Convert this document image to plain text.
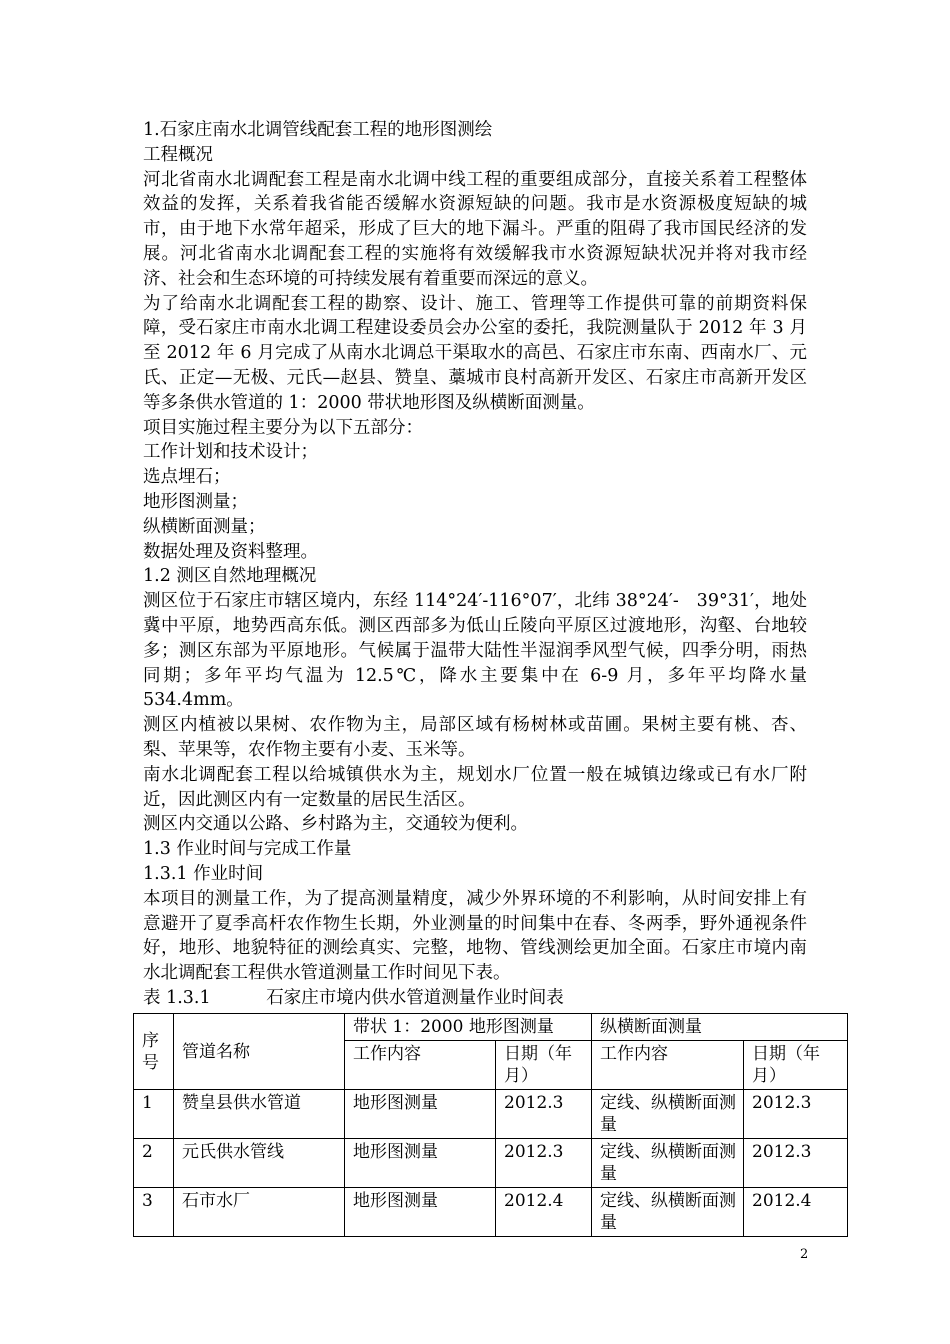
1.石家庄南水北调管线配套工程的地形图测绘

工程概况

河北省南水北调配套工程是南水北调中线工程的重要组成部分，直接关系着工程整体效益的发挥，关系着我省能否缓解水资源短缺的问题。我市是水资源极度短缺的城市，由于地下水常年超采，形成了巨大的地下漏斗。严重的阻碍了我市国民经济的发展。河北省南水北调配套工程的实施将有效缓解我市水资源短缺状况并将对我市经济、社会和生态环境的可持续发展有着重要而深远的意义。

为了给南水北调配套工程的勘察、设计、施工、管理等工作提供可靠的前期资料保障，受石家庄市南水北调工程建设委员会办公室的委托，我院测量队于 2012 年 3 月至 2012 年 6 月完成了从南水北调总干渠取水的高邑、石家庄市东南、西南水厂、元氏、正定—无极、元氏—赵县、赞皇、藁城市良村高新开发区、石家庄市高新开发区等多条供水管道的 1：2000 带状地形图及纵横断面测量。

项目实施过程主要分为以下五部分：

工作计划和技术设计；

选点埋石；

地形图测量；

纵横断面测量；

数据处理及资料整理。

1.2 测区自然地理概况

测区位于石家庄市辖区境内，东经 114°24′-116°07′，北纬 38°24′-　39°31′，地处冀中平原，地势西高东低。测区西部多为低山丘陵向平原区过渡地形，沟壑、台地较多；测区东部为平原地形。气候属于温带大陆性半湿润季风型气候，四季分明，雨热同期；多年平均气温为 12.5℃，降水主要集中在 6-9 月，多年平均降水量 534.4mm。

测区内植被以果树、农作物为主，局部区域有杨树林或苗圃。果树主要有桃、杏、梨、苹果等，农作物主要有小麦、玉米等。

南水北调配套工程以给城镇供水为主，规划水厂位置一般在城镇边缘或已有水厂附近，因此测区内有一定数量的居民生活区。

测区内交通以公路、乡村路为主，交通较为便利。

1.3 作业时间与完成工作量

1.3.1 作业时间

本项目的测量工作，为了提高测量精度，减少外界环境的不利影响，从时间安排上有意避开了夏季高杆农作物生长期，外业测量的时间集中在春、冬两季，野外通视条件好，地形、地貌特征的测绘真实、完整，地物、管线测绘更加全面。石家庄市境内南水北调配套工程供水管道测量工作时间见下表。

表 1.3.1	石家庄市境内供水管道测量作业时间表

序号	管道名称	带状 1：2000 地形图测量		纵横断面测量	
		工作内容	日期（年月）	工作内容	日期（年月）
1	赞皇县供水管道	地形图测量	2012.3	定线、纵横断面测量	2012.3
2	元氏供水管线	地形图测量	2012.3	定线、纵横断面测量	2012.3
3	石市水厂	地形图测量	2012.4	定线、纵横断面测量	2012.4
2
